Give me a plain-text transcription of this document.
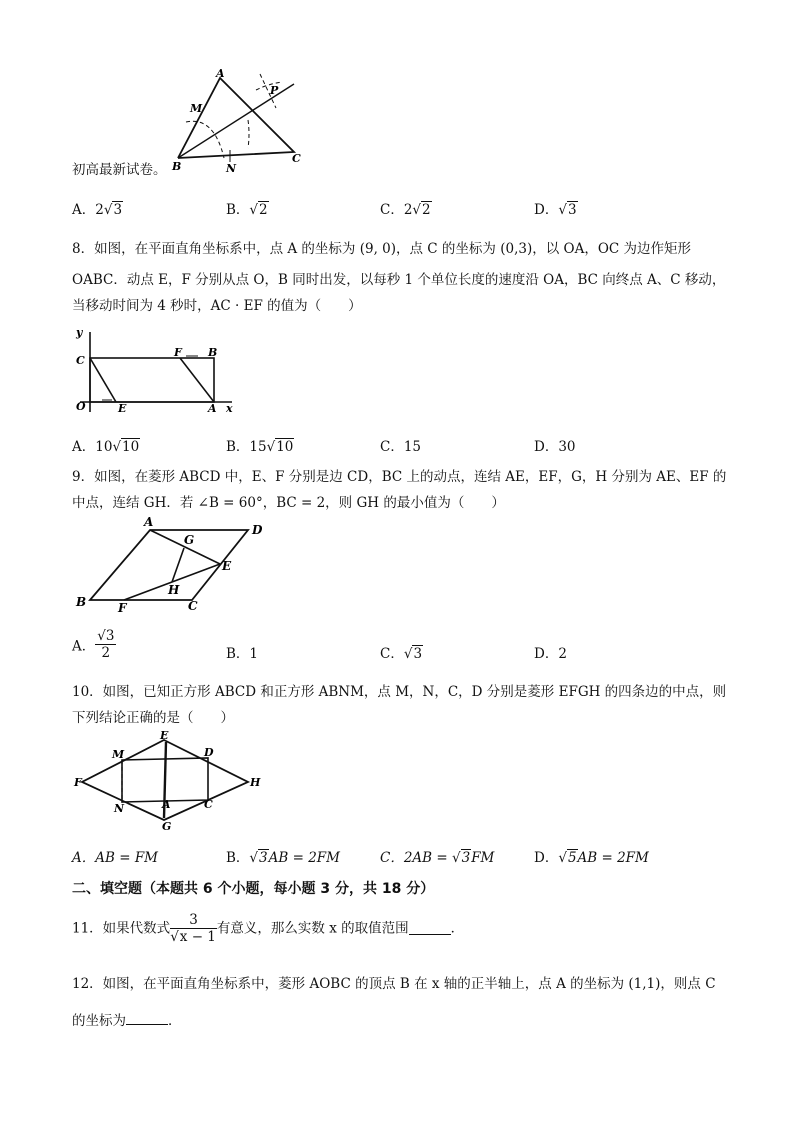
A
M
P
B	N
C
初高最新试卷。
A．2√3	B．√2	C．2√2	D．√3
8．如图，在平面直角坐标系中，点 A 的坐标为 (9, 0)，点 C 的坐标为 (0,3)，以 OA，OC 为边作矩形
OABC．动点 E，F 分别从点 O，B 同时出发，以每秒 1 个单位长度的速度沿 OA，BC 向终点 A、C 移动，
当移动时间为 4 秒时，AC · EF 的值为（　　）
y
C
F B
O	E	A x
A．10√10	B．15√10	C．15	D．30
9．如图，在菱形 ABCD 中，E、F 分别是边 CD，BC 上的动点，连结 AE，EF，G，H 分别为 AE、EF 的
中点，连结 GH．若 ∠B = 60°，BC = 2，则 GH 的最小值为（　　）
A
G
D
E
H
B	F	C
A． $\frac{√3}{2}$	B．1	C．√3	D．2
10．如图，已知正方形 ABCD 和正方形 ABNM，点 M，N，C，D 分别是菱形 EFGH 的四条边的中点，则
下列结论正确的是（　　）
E
M	D
F	H
N	A	C
G
A．AB = FM	B．√3AB = 2FM	C．2AB = √3FM	D．√5AB = 2FM
二、填空题（本题共 6 个小题，每小题 3 分，共 18 分）
11．如果代数式 $\frac{3}{√x - 1}$ 有意义，那么实数 x 的取值范围	．
12．如图，在平面直角坐标系中，菱形 AOBC 的顶点 B 在 x 轴的正半轴上，点 A 的坐标为 (1,1)，则点 C
的坐标为	．
